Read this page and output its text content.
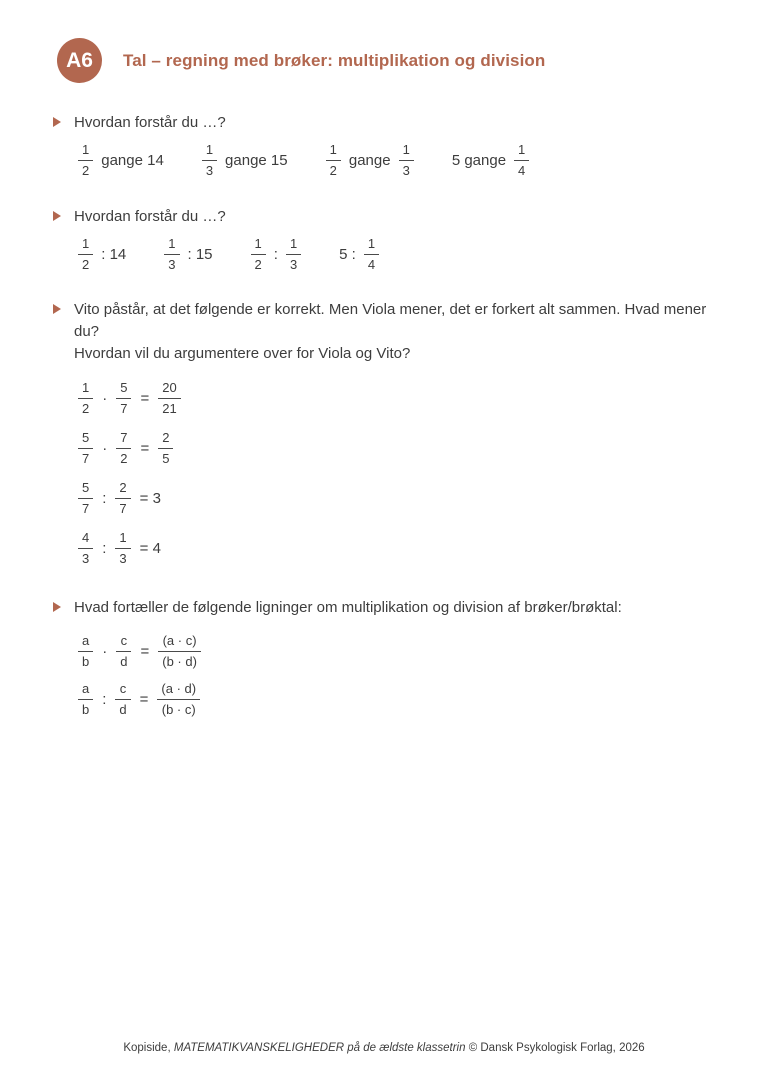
A6	Tal – regning med brøker: multiplikation og division

Hvordan forstår du …?

$\frac{1}{2}$ gange 14	$\frac{1}{3}$ gange 15	$\frac{1}{2}$ gange $\frac{1}{3}$	5 gange $\frac{1}{4}$

Hvordan forstår du …?

$\frac{1}{2}$ : 14	$\frac{1}{3}$ : 15	$\frac{1}{2}$ : $\frac{1}{3}$	5 : $\frac{1}{4}$

Vito påstår, at det følgende er korrekt. Men Viola mener, det er forkert alt sammen. Hvad mener du?
Hvordan vil du argumentere over for Viola og Vito?

$\frac{1}{2} \cdot \frac{5}{7} = \frac{20}{21}$
$\frac{5}{7} \cdot \frac{7}{2} = \frac{2}{5}$
$\frac{5}{7}$ : $\frac{2}{7} = 3$
$\frac{4}{3}$ : $\frac{1}{3} = 4$

Hvad fortæller de følgende ligninger om multiplikation og division af brøker/brøktal:

$\frac{a}{b} \cdot \frac{c}{d} = \frac{(a \cdot c)}{(b \cdot d)}$
$\frac{a}{b}$ : $\frac{c}{d} = \frac{(a \cdot d)}{(b \cdot c)}$
Kopiside, MATEMATIKVANSKELIGHEDER på de ældste klassetrin © Dansk Psykologisk Forlag, 2026
